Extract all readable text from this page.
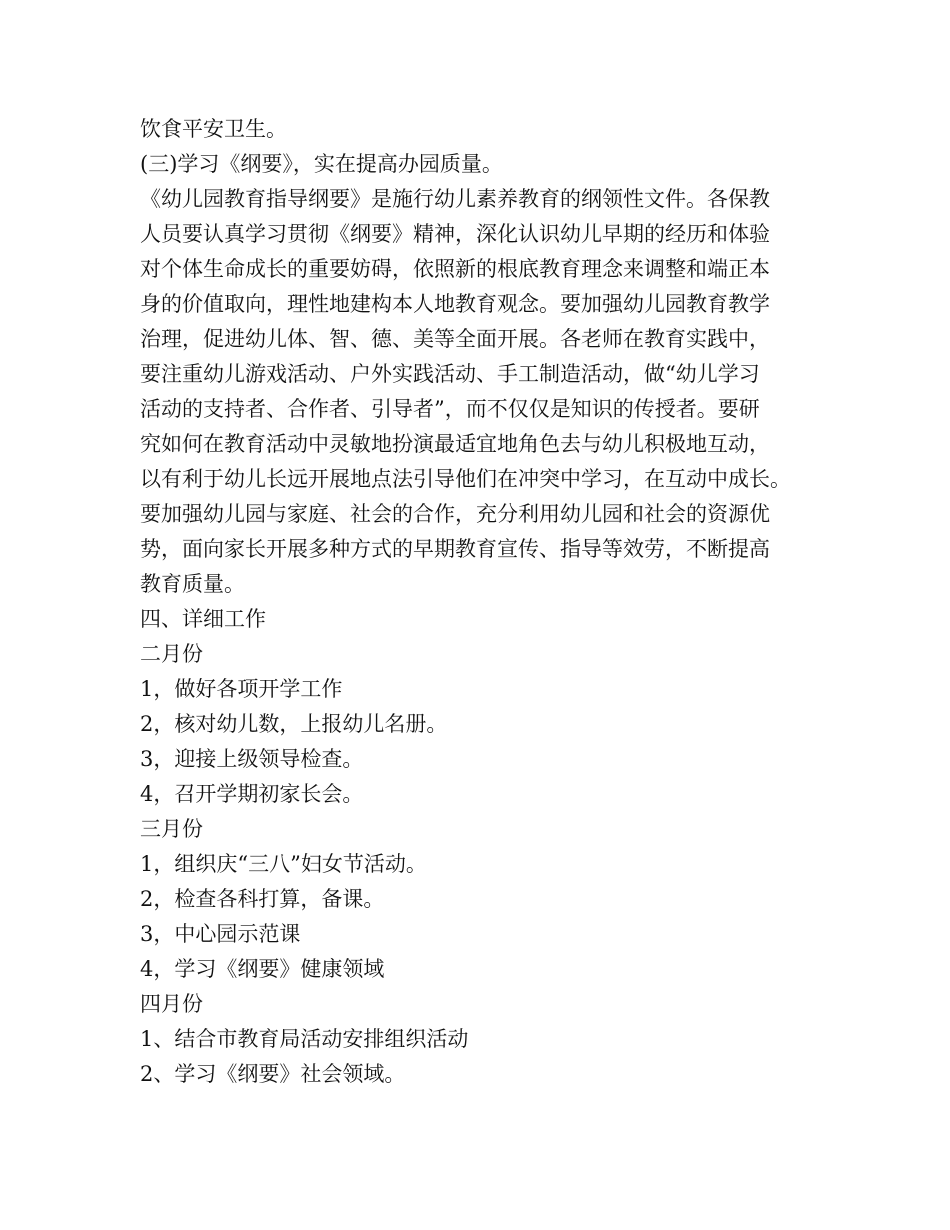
饮食平安卫生。
(三)学习《纲要》，实在提高办园质量。
《幼儿园教育指导纲要》是施行幼儿素养教育的纲领性文件。各保教
人员要认真学习贯彻《纲要》精神，深化认识幼儿早期的经历和体验
对个体生命成长的重要妨碍，依照新的根底教育理念来调整和端正本
身的价值取向，理性地建构本人地教育观念。要加强幼儿园教育教学
治理，促进幼儿体、智、德、美等全面开展。各老师在教育实践中，
要注重幼儿游戏活动、户外实践活动、手工制造活动，做“幼儿学习
活动的支持者、合作者、引导者”，而不仅仅是知识的传授者。要研
究如何在教育活动中灵敏地扮演最适宜地角色去与幼儿积极地互动，
以有利于幼儿长远开展地点法引导他们在冲突中学习，在互动中成长。
要加强幼儿园与家庭、社会的合作，充分利用幼儿园和社会的资源优
势，面向家长开展多种方式的早期教育宣传、指导等效劳，不断提高
教育质量。
四、详细工作
二月份
1，做好各项开学工作
2，核对幼儿数，上报幼儿名册。
3，迎接上级领导检查。
4，召开学期初家长会。
三月份
1，组织庆“三八”妇女节活动。
2，检查各科打算，备课。
3，中心园示范课
4，学习《纲要》健康领域
四月份
1、结合市教育局活动安排组织活动
2、学习《纲要》社会领域。
